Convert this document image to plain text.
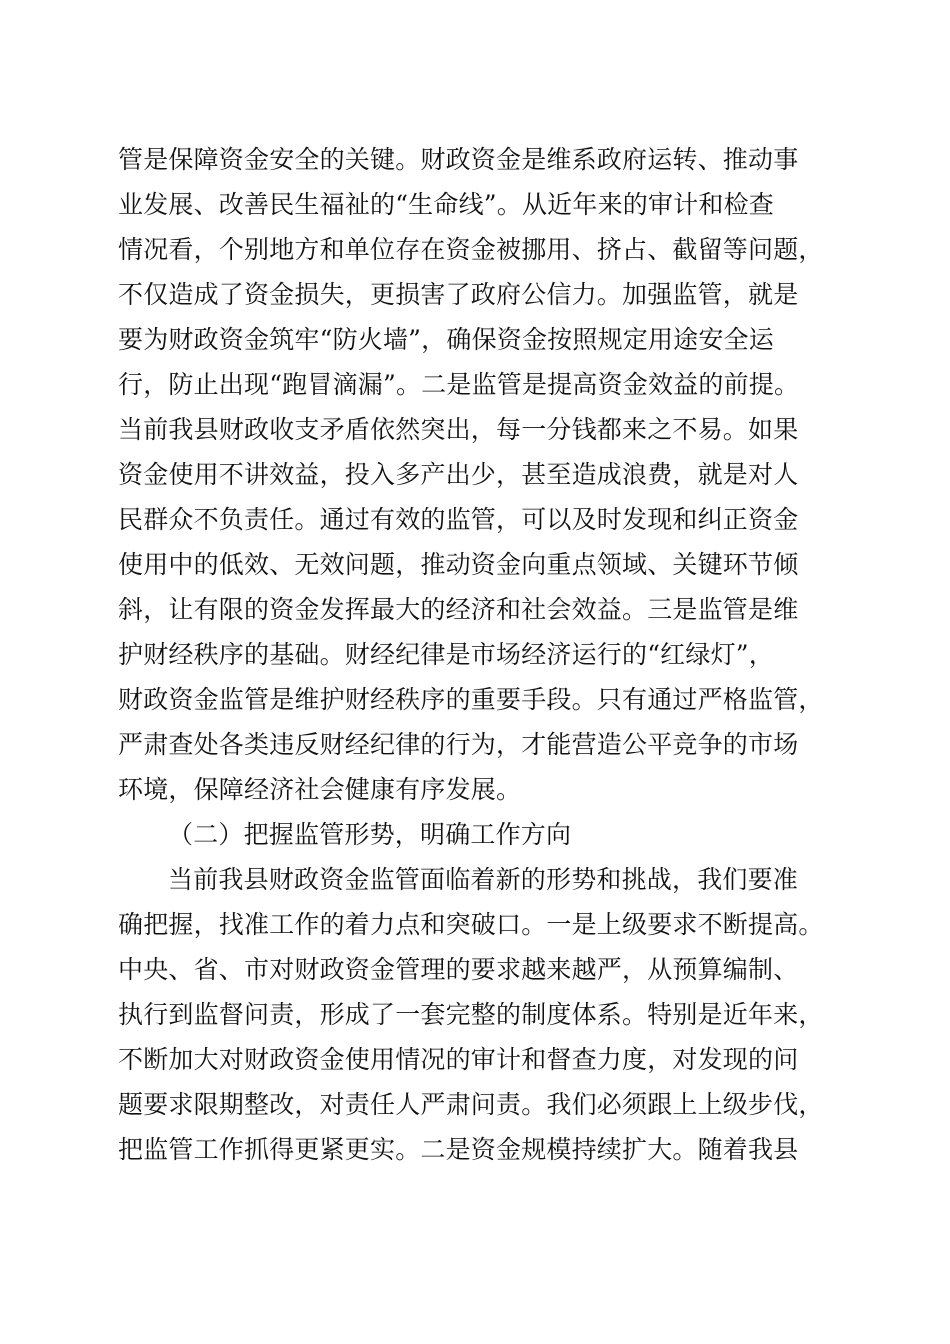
管是保障资金安全的关键。财政资金是维系政府运转、推动事
业发展、改善民生福祉的“生命线”。从近年来的审计和检查
情况看，个别地方和单位存在资金被挪用、挤占、截留等问题，
不仅造成了资金损失，更损害了政府公信力。加强监管，就是
要为财政资金筑牢“防火墙”，确保资金按照规定用途安全运
行，防止出现“跑冒滴漏”。二是监管是提高资金效益的前提。
当前我县财政收支矛盾依然突出，每一分钱都来之不易。如果
资金使用不讲效益，投入多产出少，甚至造成浪费，就是对人
民群众不负责任。通过有效的监管，可以及时发现和纠正资金
使用中的低效、无效问题，推动资金向重点领域、关键环节倾
斜，让有限的资金发挥最大的经济和社会效益。三是监管是维
护财经秩序的基础。财经纪律是市场经济运行的“红绿灯”，
财政资金监管是维护财经秩序的重要手段。只有通过严格监管，
严肃查处各类违反财经纪律的行为，才能营造公平竞争的市场
环境，保障经济社会健康有序发展。
（二）把握监管形势，明确工作方向
当前我县财政资金监管面临着新的形势和挑战，我们要准
确把握，找准工作的着力点和突破口。一是上级要求不断提高。
中央、省、市对财政资金管理的要求越来越严，从预算编制、
执行到监督问责，形成了一套完整的制度体系。特别是近年来，
不断加大对财政资金使用情况的审计和督查力度，对发现的问
题要求限期整改，对责任人严肃问责。我们必须跟上上级步伐，
把监管工作抓得更紧更实。二是资金规模持续扩大。随着我县
